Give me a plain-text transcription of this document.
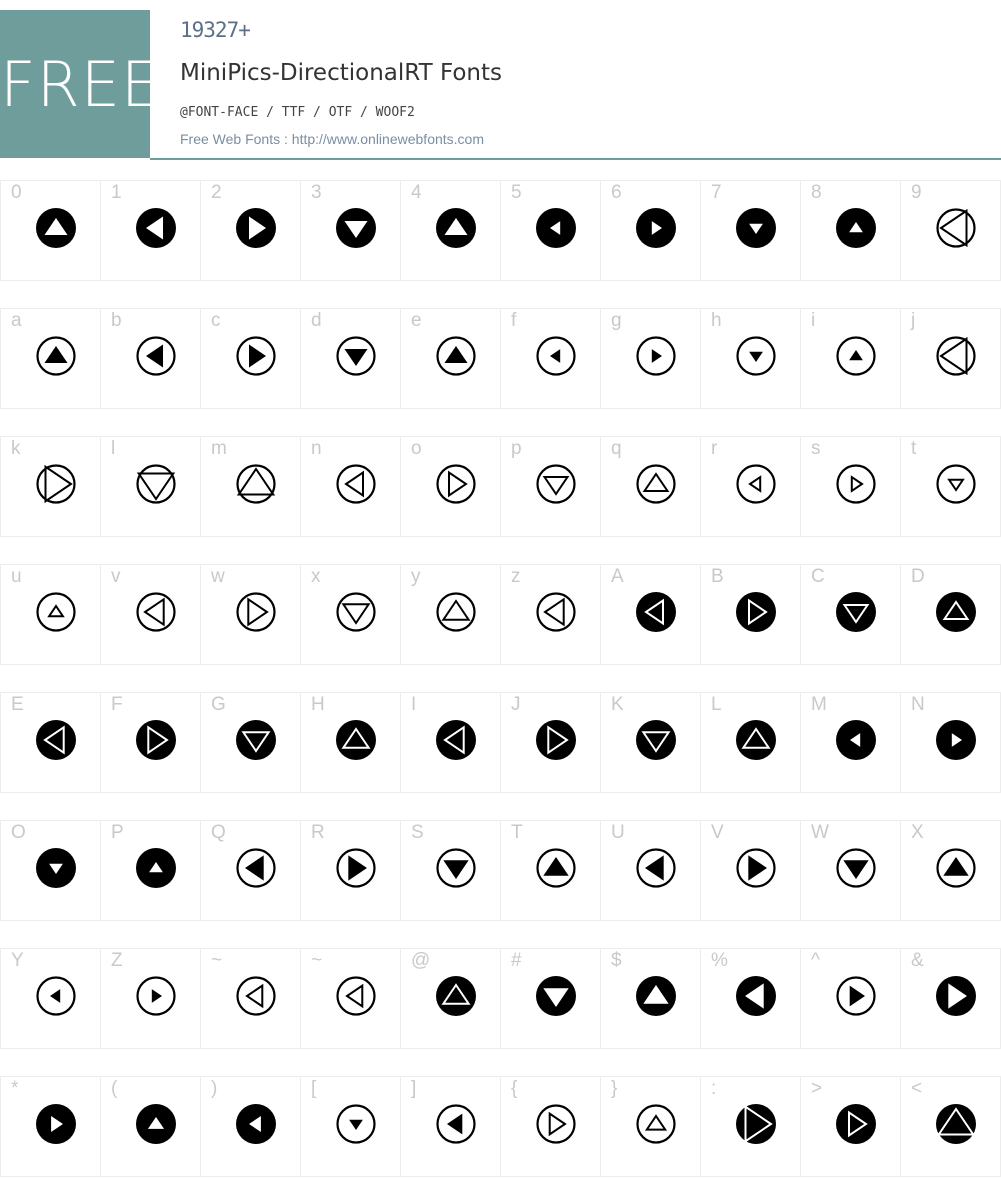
FREE
19327+
MiniPics-DirectionalRT Fonts
@FONT-FACE / TTF / OTF / WOOF2
Free Web Fonts : http://www.onlinewebfonts.com
0	1	2	3	4	5	6	7	8	9
a	b	c	d	e	f	g	h	i	j
k	l	m	n	o	p	q	r	s	t
u	v	w	x	y	z	A	B	C	D
E	F	G	H	I	J	K	L	M	N
O	P	Q	R	S	T	U	V	W	X
Y	Z	~	~	@	#	$	%	^	&
*	(	)	[	]	{	}	:	>	<
